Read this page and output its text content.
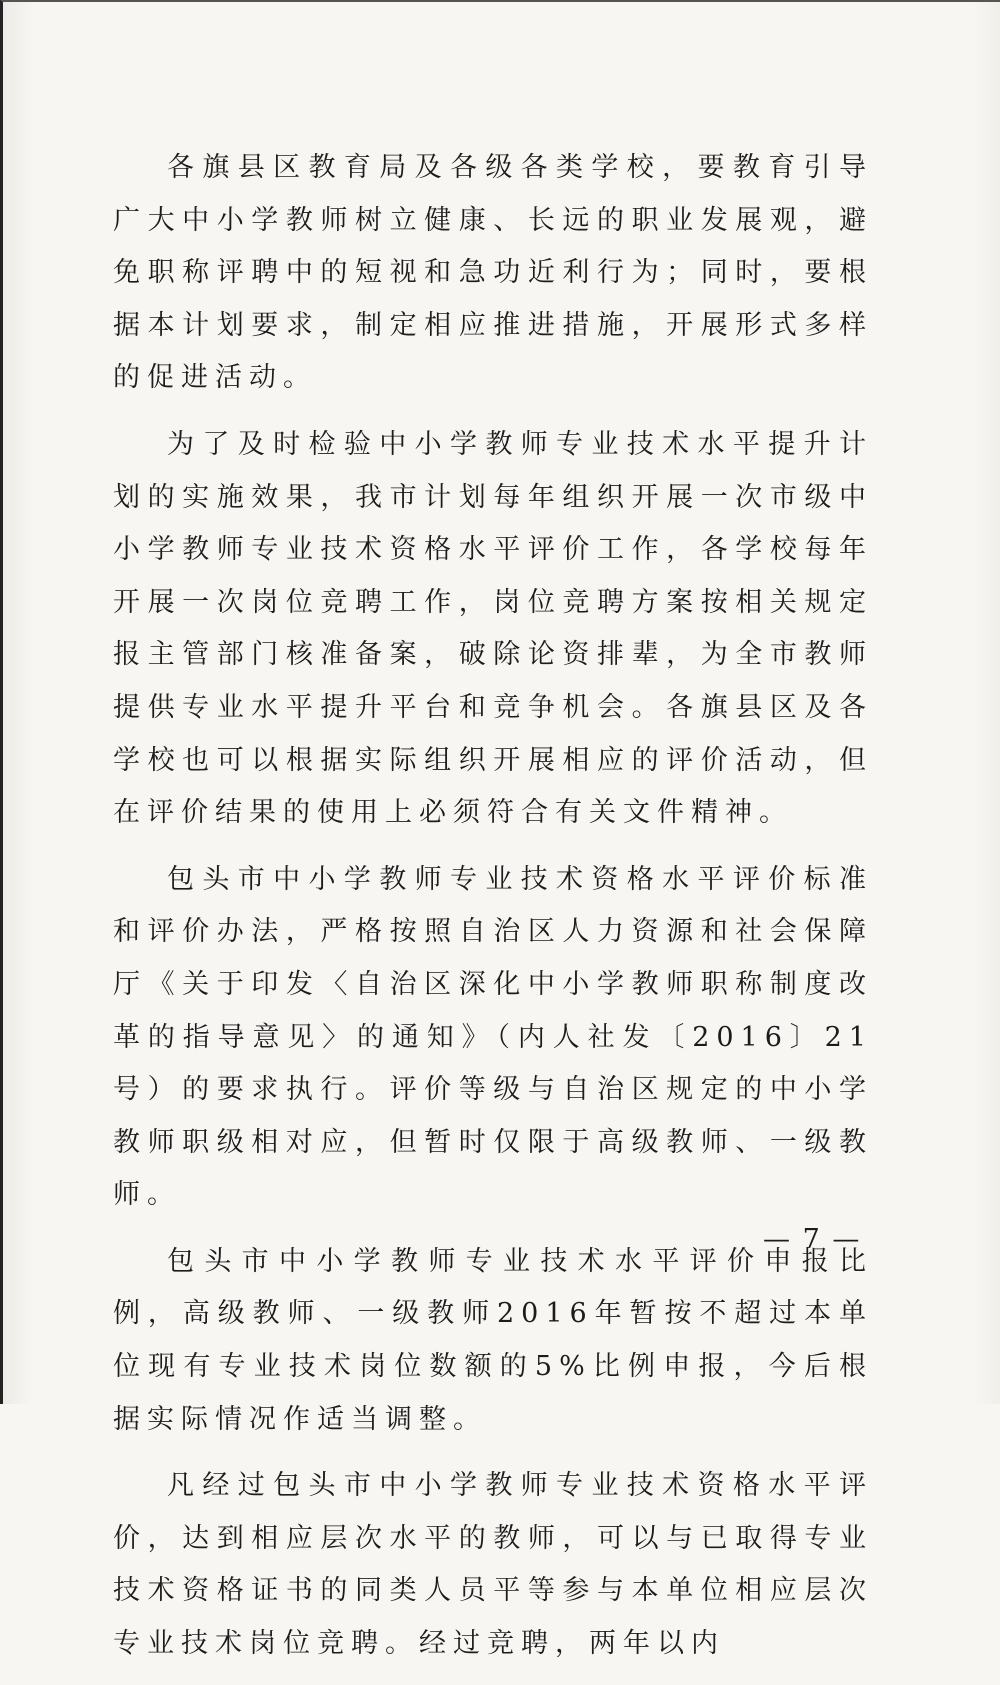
各旗县区教育局及各级各类学校，要教育引导广大中小学教师树立健康、长远的职业发展观，避免职称评聘中的短视和急功近利行为；同时，要根据本计划要求，制定相应推进措施，开展形式多样的促进活动。

为了及时检验中小学教师专业技术水平提升计划的实施效果，我市计划每年组织开展一次市级中小学教师专业技术资格水平评价工作，各学校每年开展一次岗位竞聘工作，岗位竞聘方案按相关规定报主管部门核准备案，破除论资排辈，为全市教师提供专业水平提升平台和竞争机会。各旗县区及各学校也可以根据实际组织开展相应的评价活动，但在评价结果的使用上必须符合有关文件精神。

包头市中小学教师专业技术资格水平评价标准和评价办法，严格按照自治区人力资源和社会保障厅《关于印发〈自治区深化中小学教师职称制度改革的指导意见〉的通知》（内人社发〔2016〕21号）的要求执行。评价等级与自治区规定的中小学教师职级相对应，但暂时仅限于高级教师、一级教师。

包头市中小学教师专业技术水平评价申报比例，高级教师、一级教师2016年暂按不超过本单位现有专业技术岗位数额的5%比例申报，今后根据实际情况作适当调整。

凡经过包头市中小学教师专业技术资格水平评价，达到相应层次水平的教师，可以与已取得专业技术资格证书的同类人员平等参与本单位相应层次专业技术岗位竞聘。经过竞聘，两年以内

— 7 —
